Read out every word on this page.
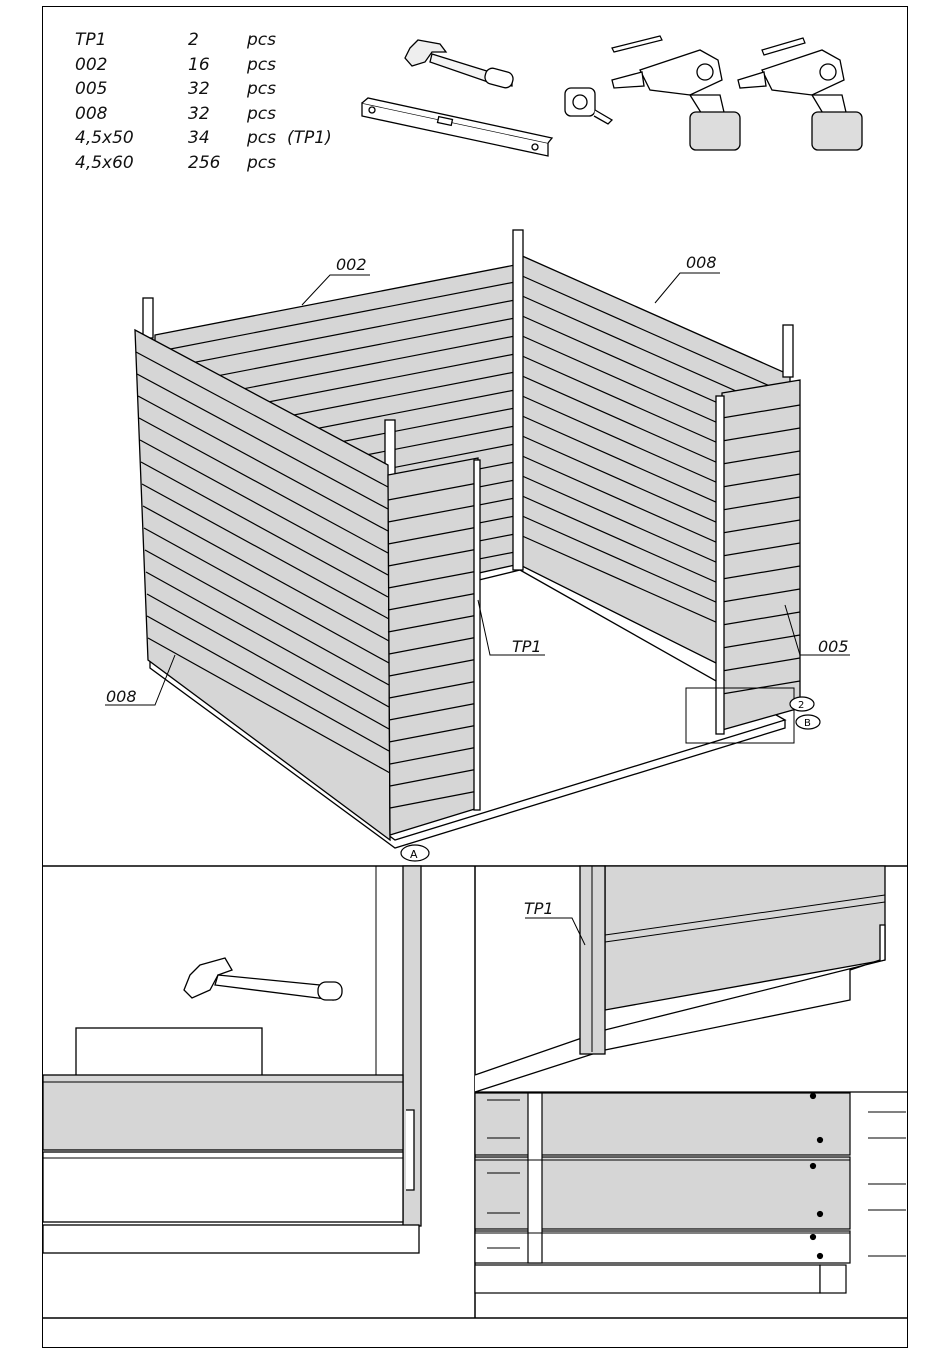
TP1	2	pcs
002	16 pcs
005	32 pcs
008	32 pcs
4,5x50	34 pcs (TP1)
4,5x60	256 pcs
002	008
008
005
TP1
A
2
B
TP1
